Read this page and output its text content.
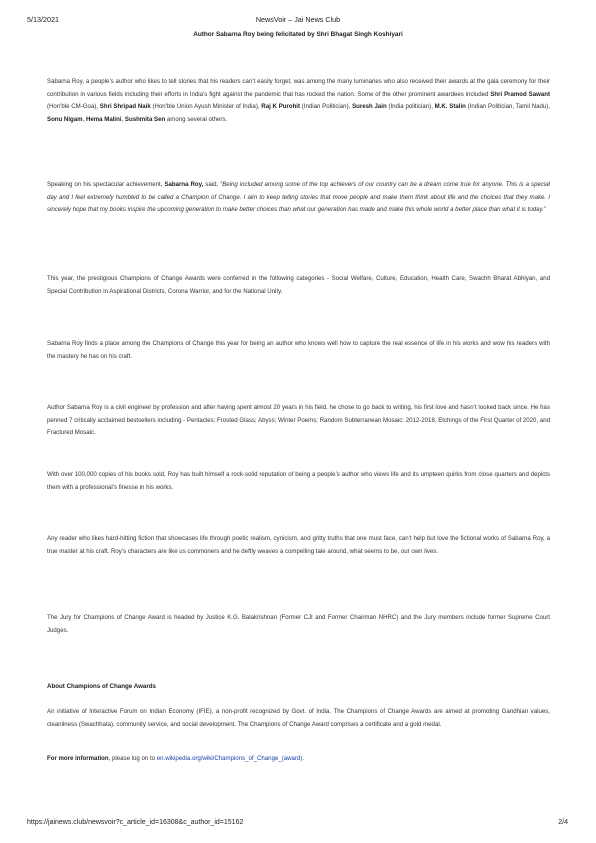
5/13/2021	NewsVoir – Jai News Club
Author Sabarna Roy being felicitated by Shri Bhagat Singh Koshiyari

Sabarna Roy, a people’s author who likes to tell stories that his readers can’t easily forget, was among the many luminaries who also received their awards at the gala ceremony for their contribution in various fields including their efforts in India’s fight against the pandemic that has rocked the nation. Some of the other prominent awardees included Shri Pramod Sawant (Hon'ble CM-Goa), Shri Shripad Naik (Hon'ble Union Ayush Minister of India), Raj K Purohit (Indian Politician), Suresh Jain (India politician), M.K. Stalin (Indian Politician, Tamil Nadu), Sonu Nigam, Hema Malini, Sushmita Sen among several others.

Speaking on his spectacular achievement, Sabarna Roy, said, “Being included among some of the top achievers of our country can be a dream come true for anyone. This is a special day and I feel extremely humbled to be called a Champion of Change. I aim to keep telling stories that move people and make them think about life and the choices that they make. I sincerely hope that my books inspire the upcoming generation to make better choices than what our generation has made and make this whole world a better place than what it is today.”

This year, the prestigious Champions of Change Awards were conferred in the following categories - Social Welfare, Culture, Education, Health Care, Swachh Bharat Abhiyan, and Special Contribution in Aspirational Districts, Corona Warrior, and for the National Unity.

Sabarna Roy finds a place among the Champions of Change this year for being an author who knows well how to capture the real essence of life in his works and wow his readers with the mastery he has on his craft.

Author Sabarna Roy is a civil engineer by profession and after having spent almost 20 years in his field, he chose to go back to writing, his first love and hasn’t looked back since. He has penned 7 critically acclaimed bestsellers including - Pentacles; Frosted Glass; Abyss; Winter Poems; Random Subterranean Mosaic: 2012-2018, Etchings of the First Quarter of 2020, and Fractured Mosaic.

With over 100,000 copies of his books sold, Roy has built himself a rock-solid reputation of being a people’s author who views life and its umpteen quirks from close quarters and depicts them with a professional’s finesse in his works.

Any reader who likes hard-hitting fiction that showcases life through poetic realism, cynicism, and gritty truths that one must face, can’t help but love the fictional works of Sabarna Roy, a true master at his craft. Roy’s characters are like us commoners and he deftly weaves a compelling tale around, what seems to be, our own lives.

The Jury for Champions of Change Award is headed by Justice K.G. Balakrishnan (Former CJI and Former Chairman NHRC) and the Jury members include former Supreme Court Judges.

About Champions of Change Awards

An initiative of Interactive Forum on Indian Economy (IFIE), a non-profit recognized by Govt. of India. The Champions of Change Awards are aimed at promoting Gandhian values, cleanliness (Swachhata), community service, and social development. The Champions of Change Award comprises a certificate and a gold medal.

For more information, please log on to en.wikipedia.org/wiki/Champions_of_Change_(award).

https://jainews.club/newsvoir?c_article_id=16308&c_author_id=15162	2/4
